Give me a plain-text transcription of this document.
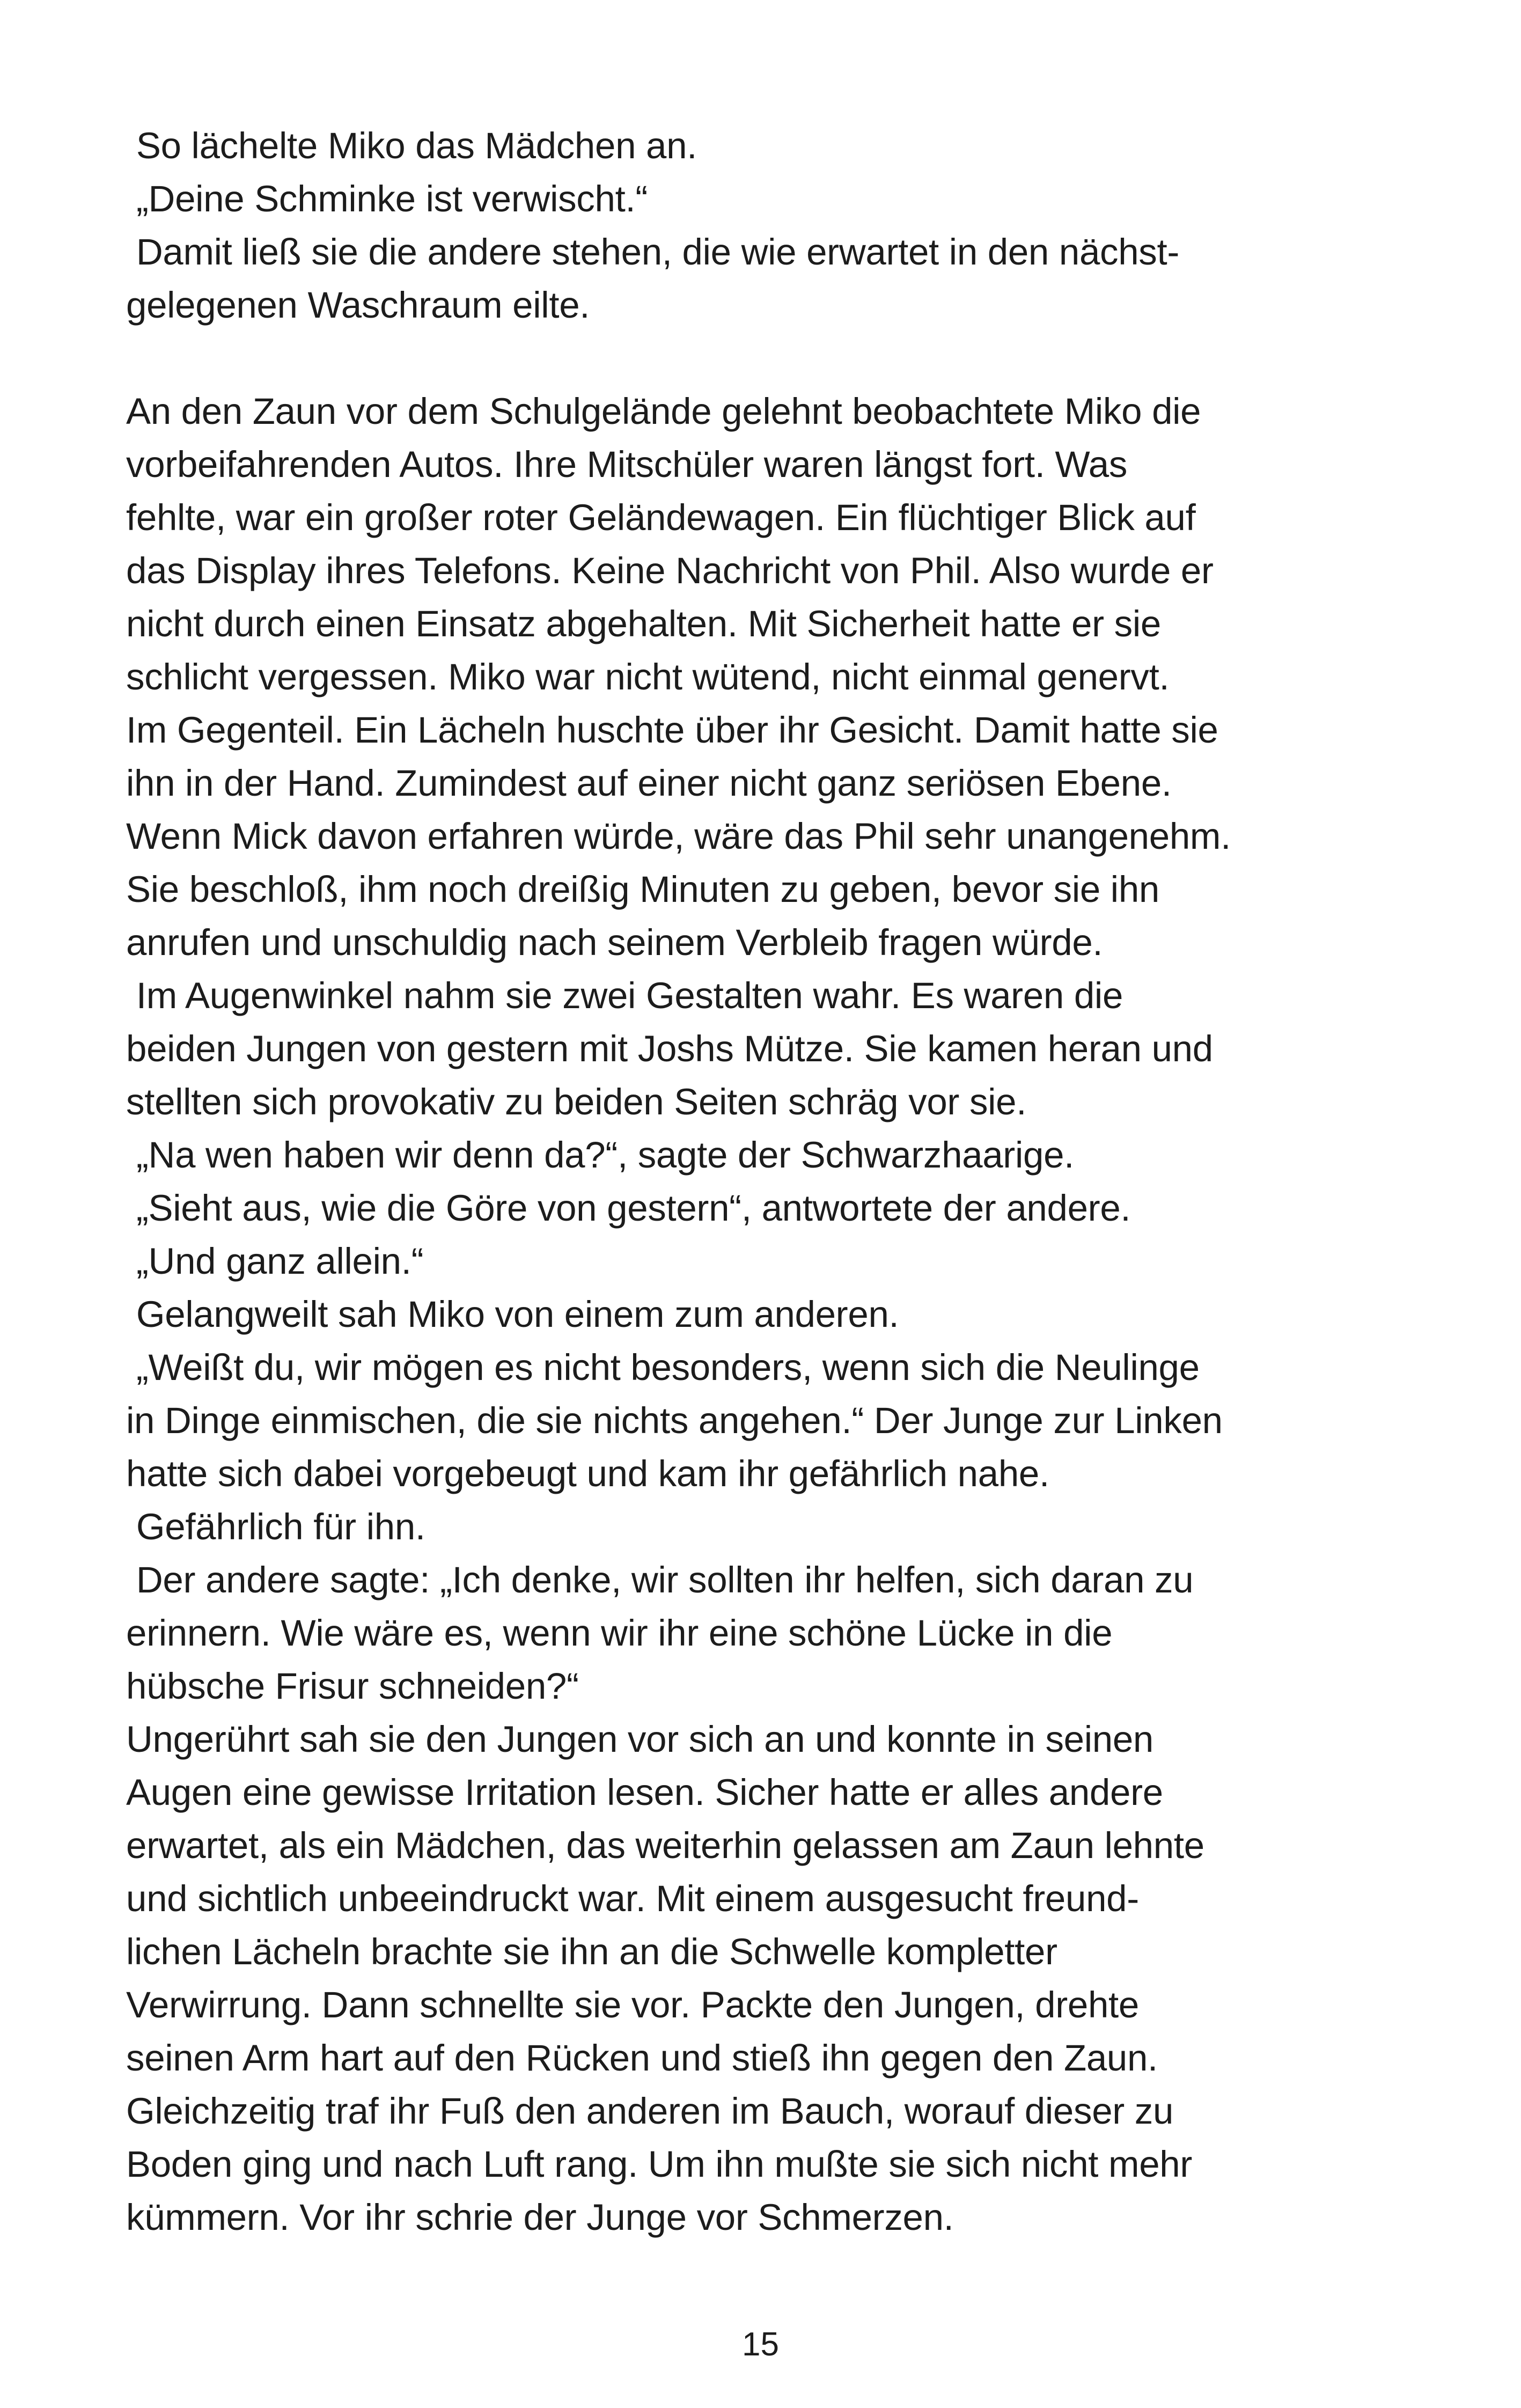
So lächelte Miko das Mädchen an.
„Deine Schminke ist verwischt.“
Damit ließ sie die andere stehen, die wie erwartet in den nächst-
gelegenen Waschraum eilte.
An den Zaun vor dem Schulgelände gelehnt beobachtete Miko die
vorbeifahrenden Autos. Ihre Mitschüler waren längst fort. Was
fehlte, war ein großer roter Geländewagen. Ein flüchtiger Blick auf
das Display ihres Telefons. Keine Nachricht von Phil. Also wurde er
nicht durch einen Einsatz abgehalten. Mit Sicherheit hatte er sie
schlicht vergessen. Miko war nicht wütend, nicht einmal genervt.
Im Gegenteil. Ein Lächeln huschte über ihr Gesicht. Damit hatte sie
ihn in der Hand. Zumindest auf einer nicht ganz seriösen Ebene.
Wenn Mick davon erfahren würde, wäre das Phil sehr unangenehm.
Sie beschloß, ihm noch dreißig Minuten zu geben, bevor sie ihn
anrufen und unschuldig nach seinem Verbleib fragen würde.
Im Augenwinkel nahm sie zwei Gestalten wahr. Es waren die
beiden Jungen von gestern mit Joshs Mütze. Sie kamen heran und
stellten sich provokativ zu beiden Seiten schräg vor sie.
„Na wen haben wir denn da?“, sagte der Schwarzhaarige.
„Sieht aus, wie die Göre von gestern“, antwortete der andere.
„Und ganz allein.“
Gelangweilt sah Miko von einem zum anderen.
„Weißt du, wir mögen es nicht besonders, wenn sich die Neulinge
in Dinge einmischen, die sie nichts angehen.“ Der Junge zur Linken
hatte sich dabei vorgebeugt und kam ihr gefährlich nahe.
Gefährlich für ihn.
Der andere sagte: „Ich denke, wir sollten ihr helfen, sich daran zu
erinnern. Wie wäre es, wenn wir ihr eine schöne Lücke in die
hübsche Frisur schneiden?“
Ungerührt sah sie den Jungen vor sich an und konnte in seinen
Augen eine gewisse Irritation lesen. Sicher hatte er alles andere
erwartet, als ein Mädchen, das weiterhin gelassen am Zaun lehnte
und sichtlich unbeeindruckt war. Mit einem ausgesucht freund-
lichen Lächeln brachte sie ihn an die Schwelle kompletter
Verwirrung. Dann schnellte sie vor. Packte den Jungen, drehte
seinen Arm hart auf den Rücken und stieß ihn gegen den Zaun.
Gleichzeitig traf ihr Fuß den anderen im Bauch, worauf dieser zu
Boden ging und nach Luft rang. Um ihn mußte sie sich nicht mehr
kümmern. Vor ihr schrie der Junge vor Schmerzen.
15
